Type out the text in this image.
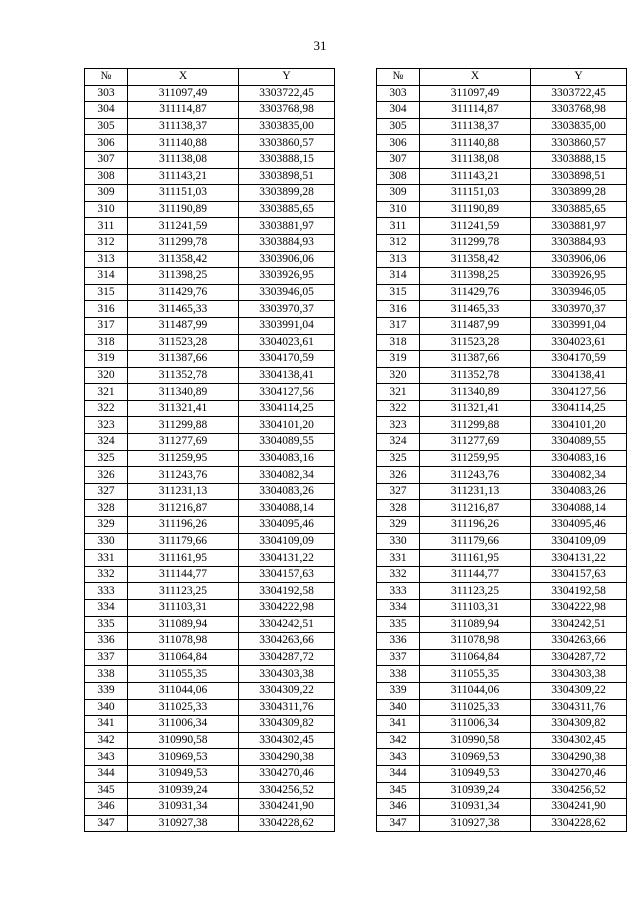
31
№	X	Y
303	311097,49	3303722,45
304	311114,87	3303768,98
305	311138,37	3303835,00
306	311140,88	3303860,57
307	311138,08	3303888,15
308	311143,21	3303898,51
309	311151,03	3303899,28
310	311190,89	3303885,65
311	311241,59	3303881,97
312	311299,78	3303884,93
313	311358,42	3303906,06
314	311398,25	3303926,95
315	311429,76	3303946,05
316	311465,33	3303970,37
317	311487,99	3303991,04
318	311523,28	3304023,61
319	311387,66	3304170,59
320	311352,78	3304138,41
321	311340,89	3304127,56
322	311321,41	3304114,25
323	311299,88	3304101,20
324	311277,69	3304089,55
325	311259,95	3304083,16
326	311243,76	3304082,34
327	311231,13	3304083,26
328	311216,87	3304088,14
329	311196,26	3304095,46
330	311179,66	3304109,09
331	311161,95	3304131,22
332	311144,77	3304157,63
333	311123,25	3304192,58
334	311103,31	3304222,98
335	311089,94	3304242,51
336	311078,98	3304263,66
337	311064,84	3304287,72
338	311055,35	3304303,38
339	311044,06	3304309,22
340	311025,33	3304311,76
341	311006,34	3304309,82
342	310990,58	3304302,45
343	310969,53	3304290,38
344	310949,53	3304270,46
345	310939,24	3304256,52
346	310931,34	3304241,90
347	310927,38	3304228,62
№	X	Y
303	311097,49	3303722,45
304	311114,87	3303768,98
305	311138,37	3303835,00
306	311140,88	3303860,57
307	311138,08	3303888,15
308	311143,21	3303898,51
309	311151,03	3303899,28
310	311190,89	3303885,65
311	311241,59	3303881,97
312	311299,78	3303884,93
313	311358,42	3303906,06
314	311398,25	3303926,95
315	311429,76	3303946,05
316	311465,33	3303970,37
317	311487,99	3303991,04
318	311523,28	3304023,61
319	311387,66	3304170,59
320	311352,78	3304138,41
321	311340,89	3304127,56
322	311321,41	3304114,25
323	311299,88	3304101,20
324	311277,69	3304089,55
325	311259,95	3304083,16
326	311243,76	3304082,34
327	311231,13	3304083,26
328	311216,87	3304088,14
329	311196,26	3304095,46
330	311179,66	3304109,09
331	311161,95	3304131,22
332	311144,77	3304157,63
333	311123,25	3304192,58
334	311103,31	3304222,98
335	311089,94	3304242,51
336	311078,98	3304263,66
337	311064,84	3304287,72
338	311055,35	3304303,38
339	311044,06	3304309,22
340	311025,33	3304311,76
341	311006,34	3304309,82
342	310990,58	3304302,45
343	310969,53	3304290,38
344	310949,53	3304270,46
345	310939,24	3304256,52
346	310931,34	3304241,90
347	310927,38	3304228,62
